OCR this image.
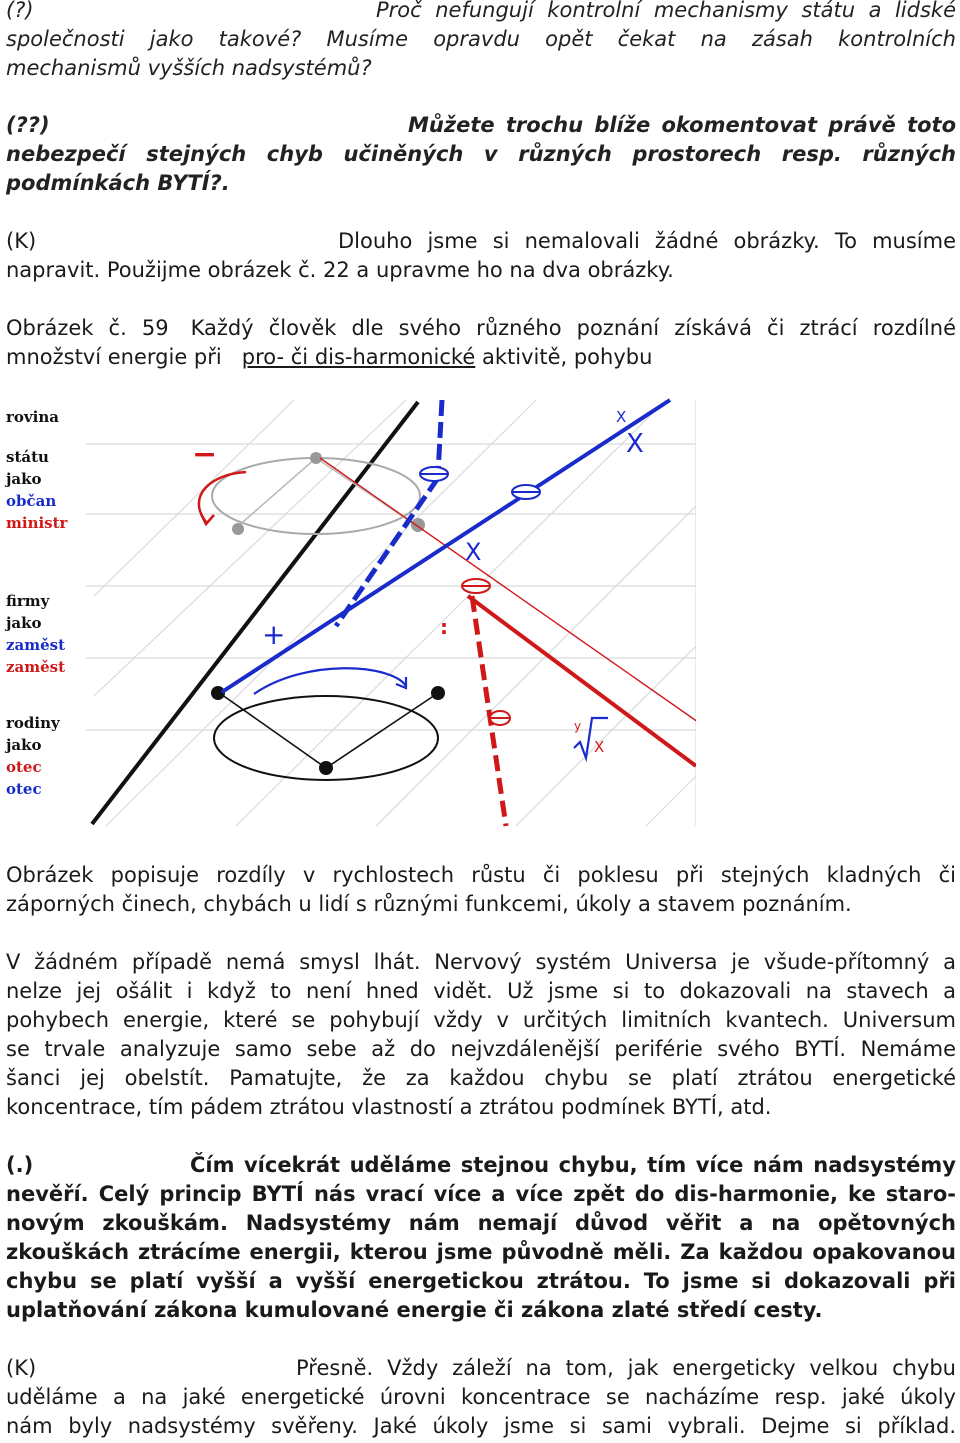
(?)	Proč nefungují kontrolní mechanismy státu a lidské

společnosti jako takové? Musíme opravdu opět čekat na zásah kontrolních

mechanismů vyšších nadsystémů?

(??)	Můžete trochu blíže okomentovat právě toto

nebezpečí stejných chyb učiněných v různých prostorech resp. různých

podmínkách BYTÍ?.

(K)	Dlouho jsme si nemalovali žádné obrázky. To musíme

napravit. Použijme obrázek č. 22 a upravme ho na dva obrázky.

Obrázek č. 59 Každý člověk dle svého různého poznání získává či ztrácí rozdílné

množství energie při pro- či dis-harmonické aktivitě, pohybu

rovina
státu
jako
občan
ministr
firmy
jako
zaměst
zaměst
rodiny
jako
otec
otec
−
:
+
X
X
X
X
y

Obrázek popisuje rozdíly v rychlostech růstu či poklesu při stejných kladných či

záporných činech, chybách u lidí s různými funkcemi, úkoly a stavem poznáním.

V žádném případě nemá smysl lhát. Nervový systém Universa je všude-přítomný a

nelze jej ošálit i když to není hned vidět. Už jsme si to dokazovali na stavech a

pohybech energie, které se pohybují vždy v určitých limitních kvantech. Universum

se trvale analyzuje samo sebe až do nejvzdálenější periférie svého BYTÍ. Nemáme

šanci jej obelstít. Pamatujte, že za každou chybu se platí ztrátou energetické

koncentrace, tím pádem ztrátou vlastností a ztrátou podmínek BYTÍ, atd.

(.)	Čím vícekrát uděláme stejnou chybu, tím více nám nadsystémy

nevěří. Celý princip BYTÍ nás vrací více a více zpět do dis-harmonie, ke staro-

novým zkouškám. Nadsystémy nám nemají důvod věřit a na opětovných

zkouškách ztrácíme energii, kterou jsme původně měli. Za každou opakovanou

chybu se platí vyšší a vyšší energetickou ztrátou. To jsme si dokazovali při

uplatňování zákona kumulované energie či zákona zlaté středí cesty.

(K)	Přesně. Vždy záleží na tom, jak energeticky velkou chybu

uděláme a na jaké energetické úrovni koncentrace se nacházíme resp. jaké úkoly

nám byly nadsystémy svěřeny. Jaké úkoly jsme si sami vybrali. Dejme si příklad.
